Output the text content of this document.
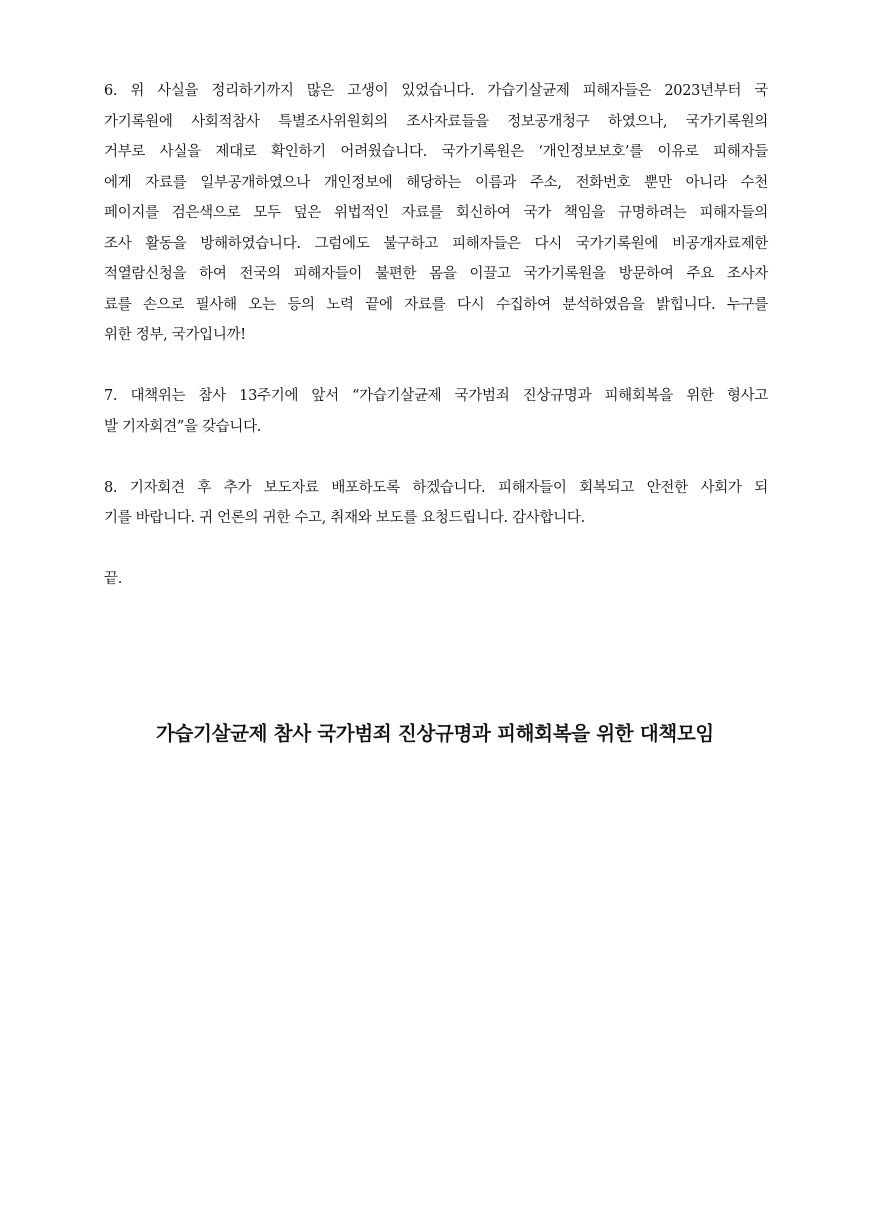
6. 위 사실을 정리하기까지 많은 고생이 있었습니다. 가습기살균제 피해자들은 2023년부터 국
가기록원에 사회적참사 특별조사위원회의 조사자료들을 정보공개청구 하였으나, 국가기록원의
거부로 사실을 제대로 확인하기 어려웠습니다. 국가기록원은 ‘개인정보보호’를 이유로 피해자들
에게 자료를 일부공개하였으나 개인정보에 해당하는 이름과 주소, 전화번호 뿐만 아니라 수천
페이지를 검은색으로 모두 덮은 위법적인 자료를 회신하여 국가 책임을 규명하려는 피해자들의
조사 활동을 방해하였습니다. 그럼에도 불구하고 피해자들은 다시 국가기록원에 비공개자료제한
적열람신청을 하여 전국의 피해자들이 불편한 몸을 이끌고 국가기록원을 방문하여 주요 조사자
료를 손으로 필사해 오는 등의 노력 끝에 자료를 다시 수집하여 분석하였음을 밝힙니다. 누구를
위한 정부, 국가입니까!
7. 대책위는 참사 13주기에 앞서 “가습기살균제 국가범죄 진상규명과 피해회복을 위한 형사고
발 기자회견”을 갖습니다.
8. 기자회견 후 추가 보도자료 배포하도록 하겠습니다. 피해자들이 회복되고 안전한 사회가 되
기를 바랍니다. 귀 언론의 귀한 수고, 취재와 보도를 요청드립니다. 감사합니다.
끝.
가습기살균제 참사 국가범죄 진상규명과 피해회복을 위한 대책모임
